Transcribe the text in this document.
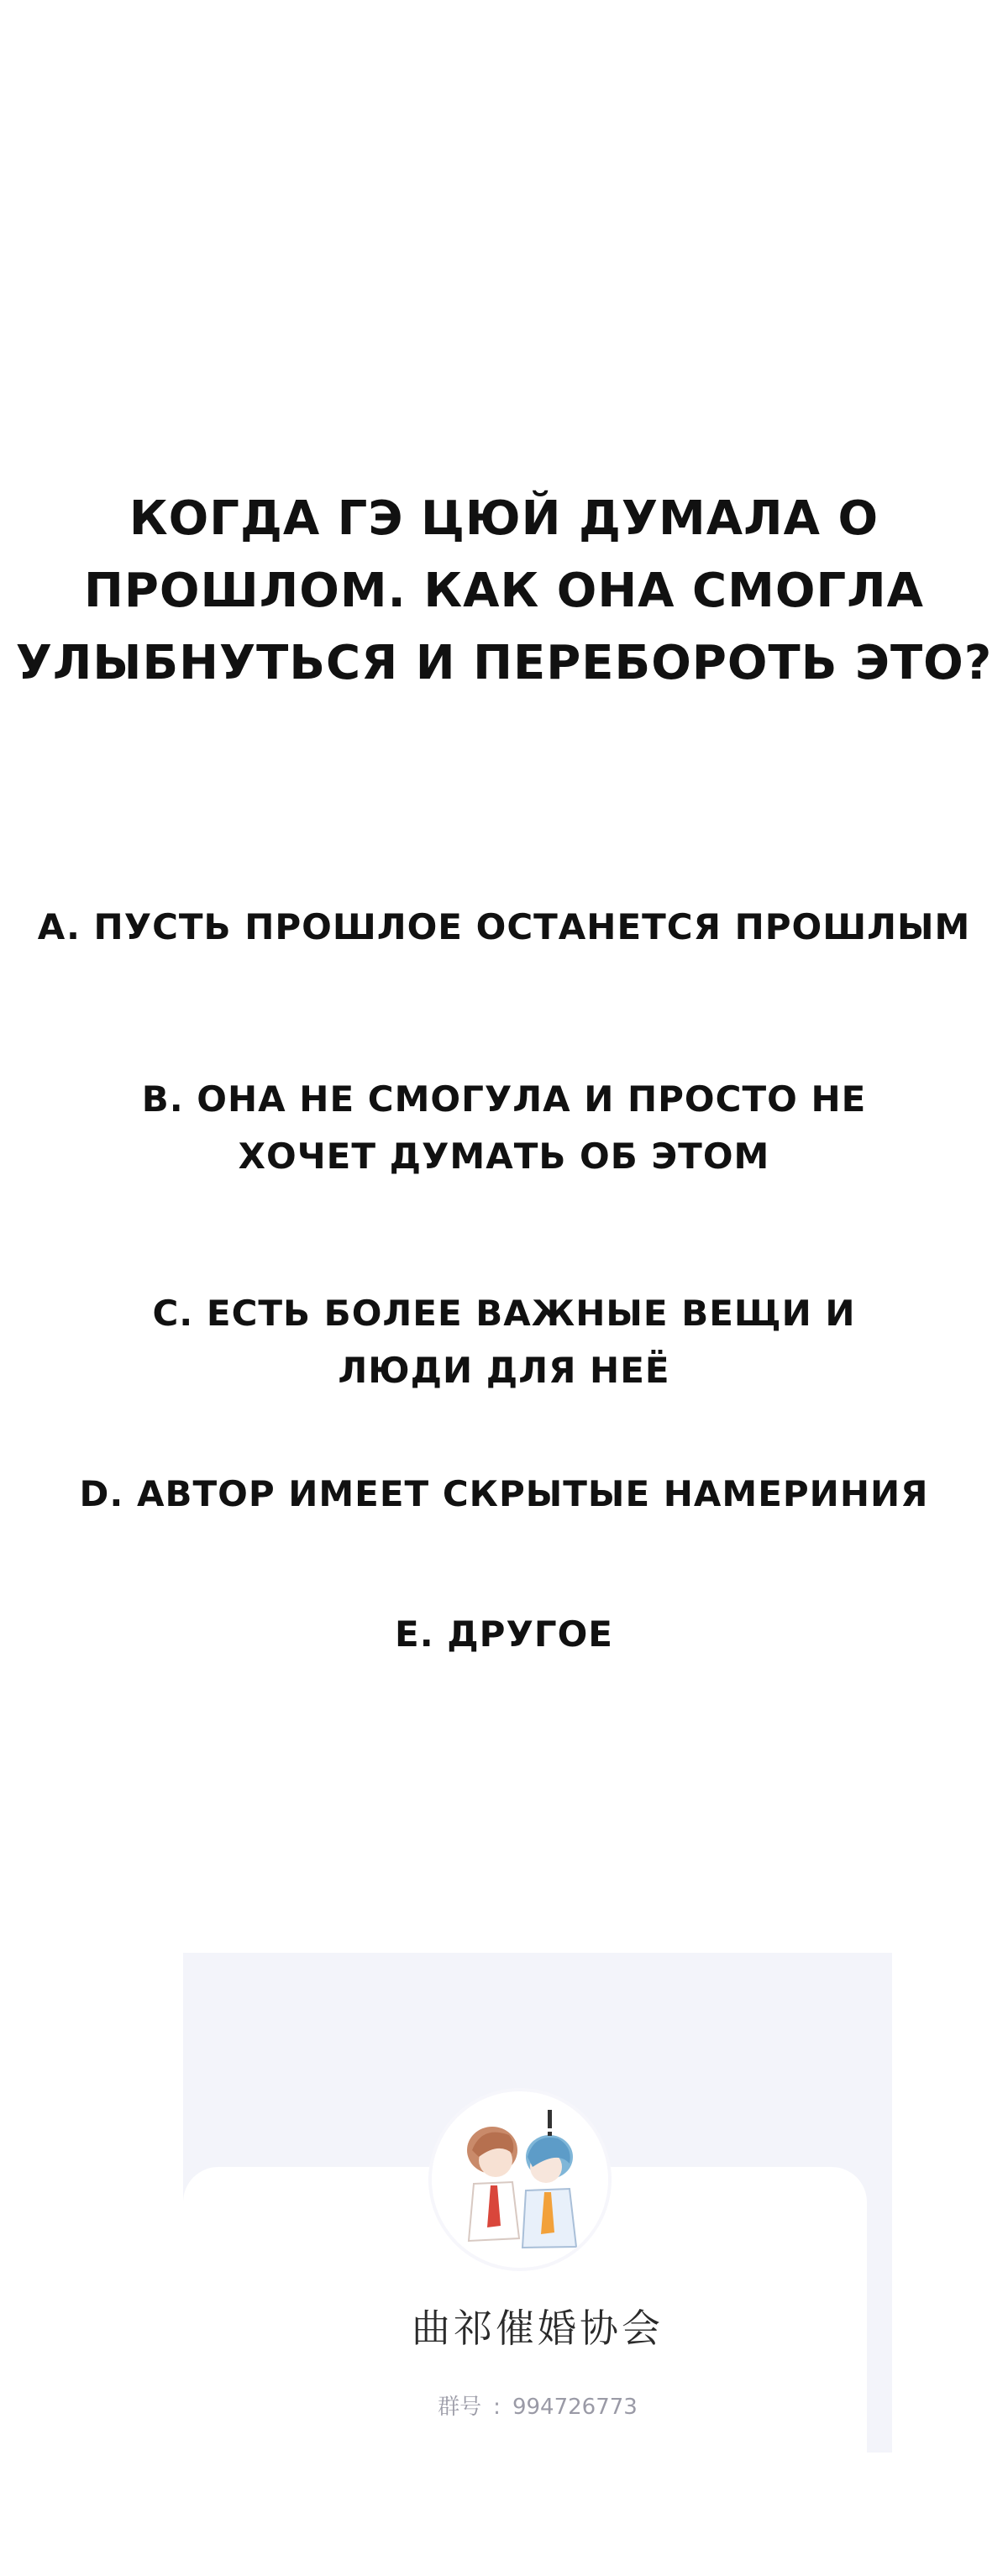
КОГДА ГЭ ЦЮЙ ДУМАЛА О
ПРОШЛОМ. КАК ОНА СМОГЛА
УЛЫБНУТЬСЯ И ПЕРЕБОРОТЬ ЭТО?
A. ПУСТЬ ПРОШЛОЕ ОСТАНЕТСЯ ПРОШЛЫМ
B. ОНА НЕ СМОГУЛА И ПРОСТО НЕ
ХОЧЕТ ДУМАТЬ ОБ ЭТОМ
C. ЕСТЬ БОЛЕЕ ВАЖНЫЕ ВЕЩИ И
ЛЮДИ ДЛЯ НЕЁ
D. АВТОР ИМЕЕТ СКРЫТЫЕ НАМЕРИНИЯ
E. ДРУГОЕ
曲祁催婚协会
群号 : 994726773
